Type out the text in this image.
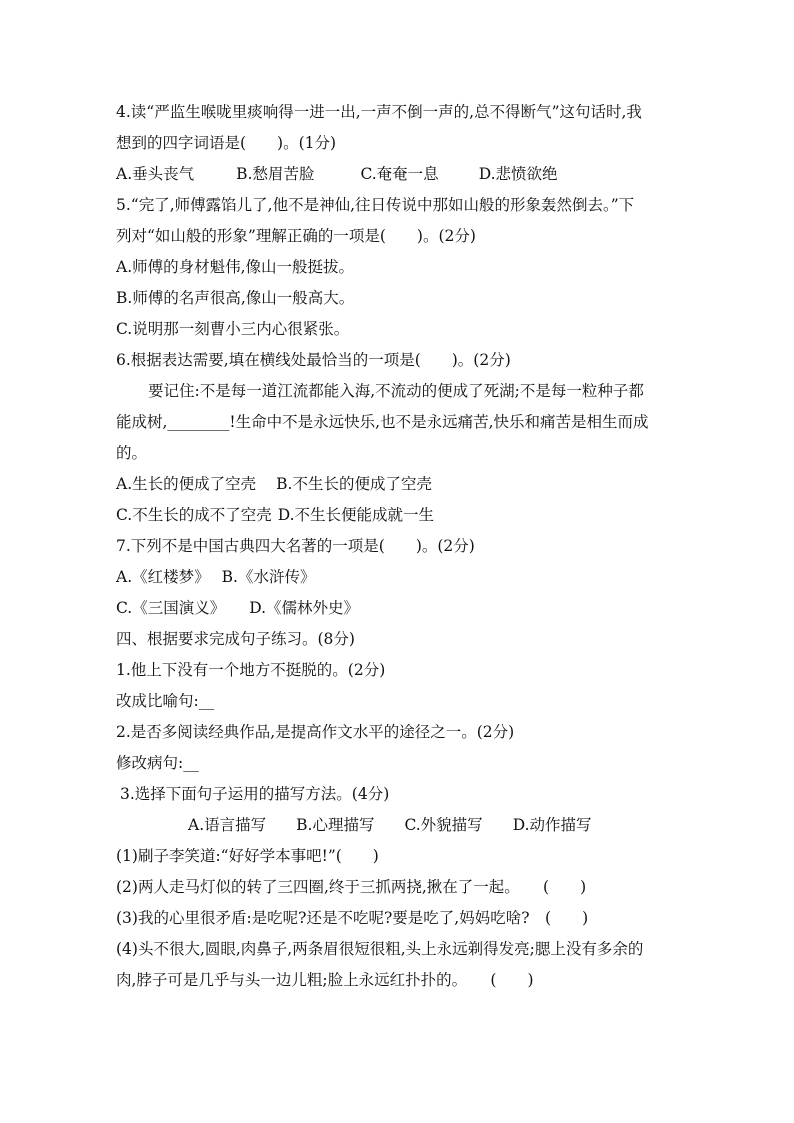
4.读“严监生喉咙里痰响得一进一出,一声不倒一声的,总不得断气”这句话时,我
想到的四字词语是(　　)。(1分)
A.垂头丧气	B.愁眉苦脸	C.奄奄一息	D.悲愤欲绝
5.“完了,师傅露馅儿了,他不是神仙,往日传说中那如山般的形象轰然倒去。”下
列对“如山般的形象”理解正确的一项是(　　)。(2分)
A.师傅的身材魁伟,像山一般挺拔。
B.师傅的名声很高,像山一般高大。
C.说明那一刻曹小三内心很紧张。
6.根据表达需要,填在横线处最恰当的一项是(　　)。(2分)
要记住:不是每一道江流都能入海,不流动的便成了死湖;不是每一粒种子都
能成树,________!生命中不是永远快乐,也不是永远痛苦,快乐和痛苦是相生而成
的。
A.生长的便成了空壳 B.不生长的便成了空壳
C.不生长的成不了空壳 D.不生长便能成就一生
7.下列不是中国古典四大名著的一项是(　　)。(2分)
A.《红楼梦》 B.《水浒传》
C.《三国演义》 D.《儒林外史》
四、根据要求完成句子练习。(8分)
1.他上下没有一个地方不挺脱的。(2分)
改成比喻句:__
2.是否多阅读经典作品,是提高作文水平的途径之一。(2分)
修改病句:__
3.选择下面句子运用的描写方法。(4分)
A.语言描写 B.心理描写 C.外貌描写 D.动作描写
(1)刷子李笑道:“好好学本事吧!”(　　)
(2)两人走马灯似的转了三四圈,终于三抓两挠,揪在了一起。　　(　　)
(3)我的心里很矛盾:是吃呢?还是不吃呢?要是吃了,妈妈吃啥?　(　　)
(4)头不很大,圆眼,肉鼻子,两条眉很短很粗,头上永远剃得发亮;腮上没有多余的
肉,脖子可是几乎与头一边儿粗;脸上永远红扑扑的。　　(　　)
